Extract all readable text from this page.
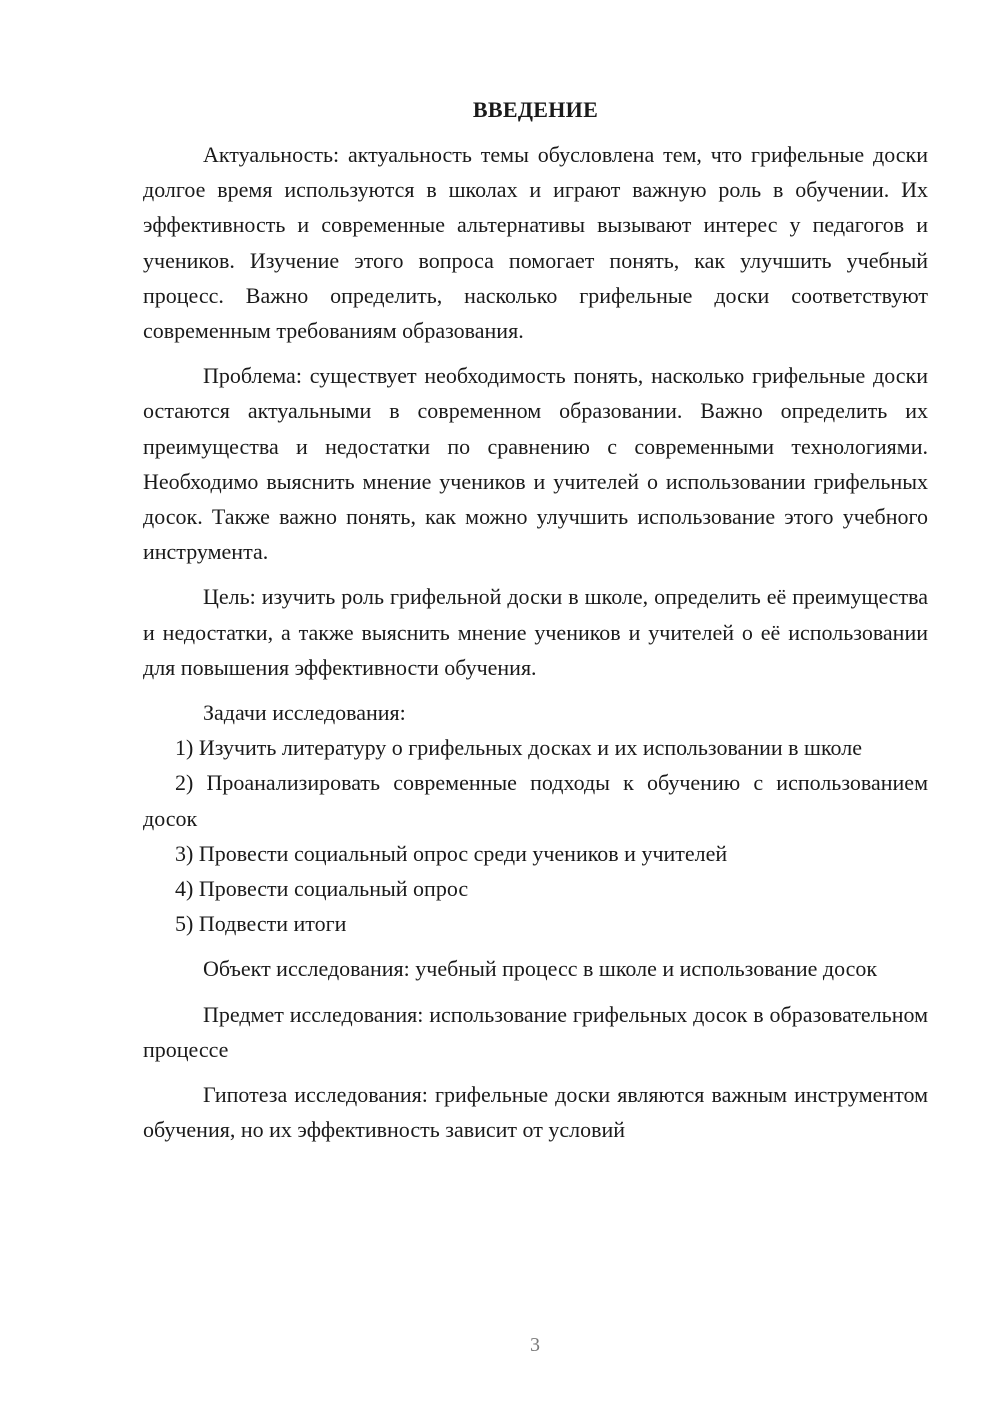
ВВЕДЕНИЕ

Актуальность: актуальность темы обусловлена тем, что грифельные доски долгое время используются в школах и играют важную роль в обучении. Их эффективность и современные альтернативы вызывают интерес у педагогов и учеников. Изучение этого вопроса помогает понять, как улучшить учебный процесс. Важно определить, насколько грифельные доски соответствуют современным требованиям образования.

Проблема: существует необходимость понять, насколько грифельные доски остаются актуальными в современном образовании. Важно определить их преимущества и недостатки по сравнению с современными технологиями. Необходимо выяснить мнение учеников и учителей о использовании грифельных досок. Также важно понять, как можно улучшить использование этого учебного инструмента.

Цель: изучить роль грифельной доски в школе, определить её преимущества и недостатки, а также выяснить мнение учеников и учителей о её использовании для повышения эффективности обучения.

Задачи исследования:

1) Изучить литературу о грифельных досках и их использовании в школе

2) Проанализировать современные подходы к обучению с использованием досок

3) Провести социальный опрос среди учеников и учителей

4) Провести социальный опрос

5) Подвести итоги

Объект исследования: учебный процесс в школе и использование досок

Предмет исследования: использование грифельных досок в образовательном процессе

Гипотеза исследования: грифельные доски являются важным инструментом обучения, но их эффективность зависит от условий

3
